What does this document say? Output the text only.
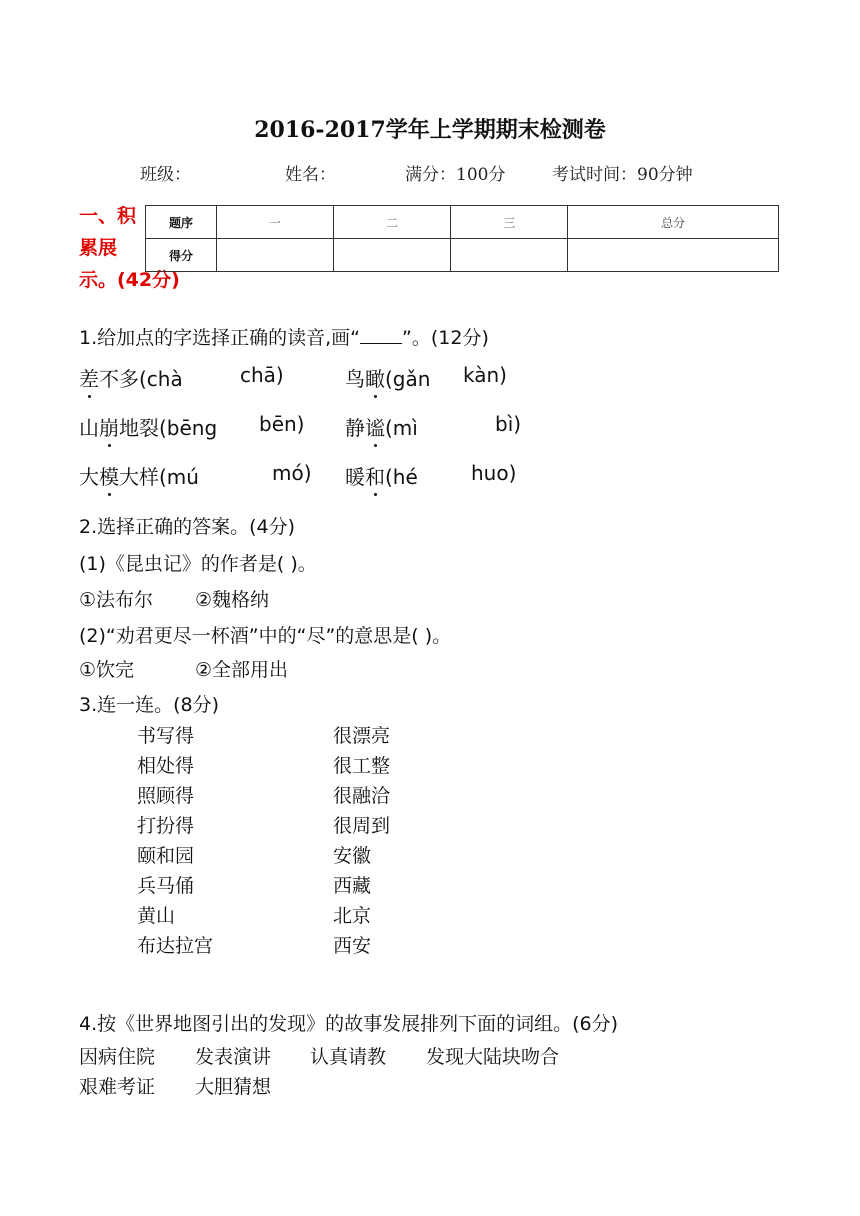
2016-2017学年上学期期末检测卷
班级：	姓名：	满分：100分	考试时间：90分钟
一、积累展
示。(42分)
题序	一	二	三	总分
得分				
1.给加点的字选择正确的读音,画“ ”。(12分)
差不多(chà	chā)	鸟瞰(gǎn kàn)
山崩地裂(bēng bēn) 静谧(mì	bì)
大模大样(mú	mó) 暖和(hé	huo)
2.选择正确的答案。(4分)
(1)《昆虫记》的作者是( )。
①法布尔 ②魏格纳
(2)“劝君更尽一杯酒”中的“尽”的意思是( )。
①饮完	②全部用出
3.连一连。(8分)
书写得
相处得
照顾得
打扮得
颐和园
兵马俑
黄山
布达拉宫
很漂亮
很工整
很融洽
很周到
安徽
西藏
北京
西安
4.按《世界地图引出的发现》的故事发展排列下面的词组。(6分)
因病住院 发表演讲 认真请教 发现大陆块吻合
艰难考证 大胆猜想
